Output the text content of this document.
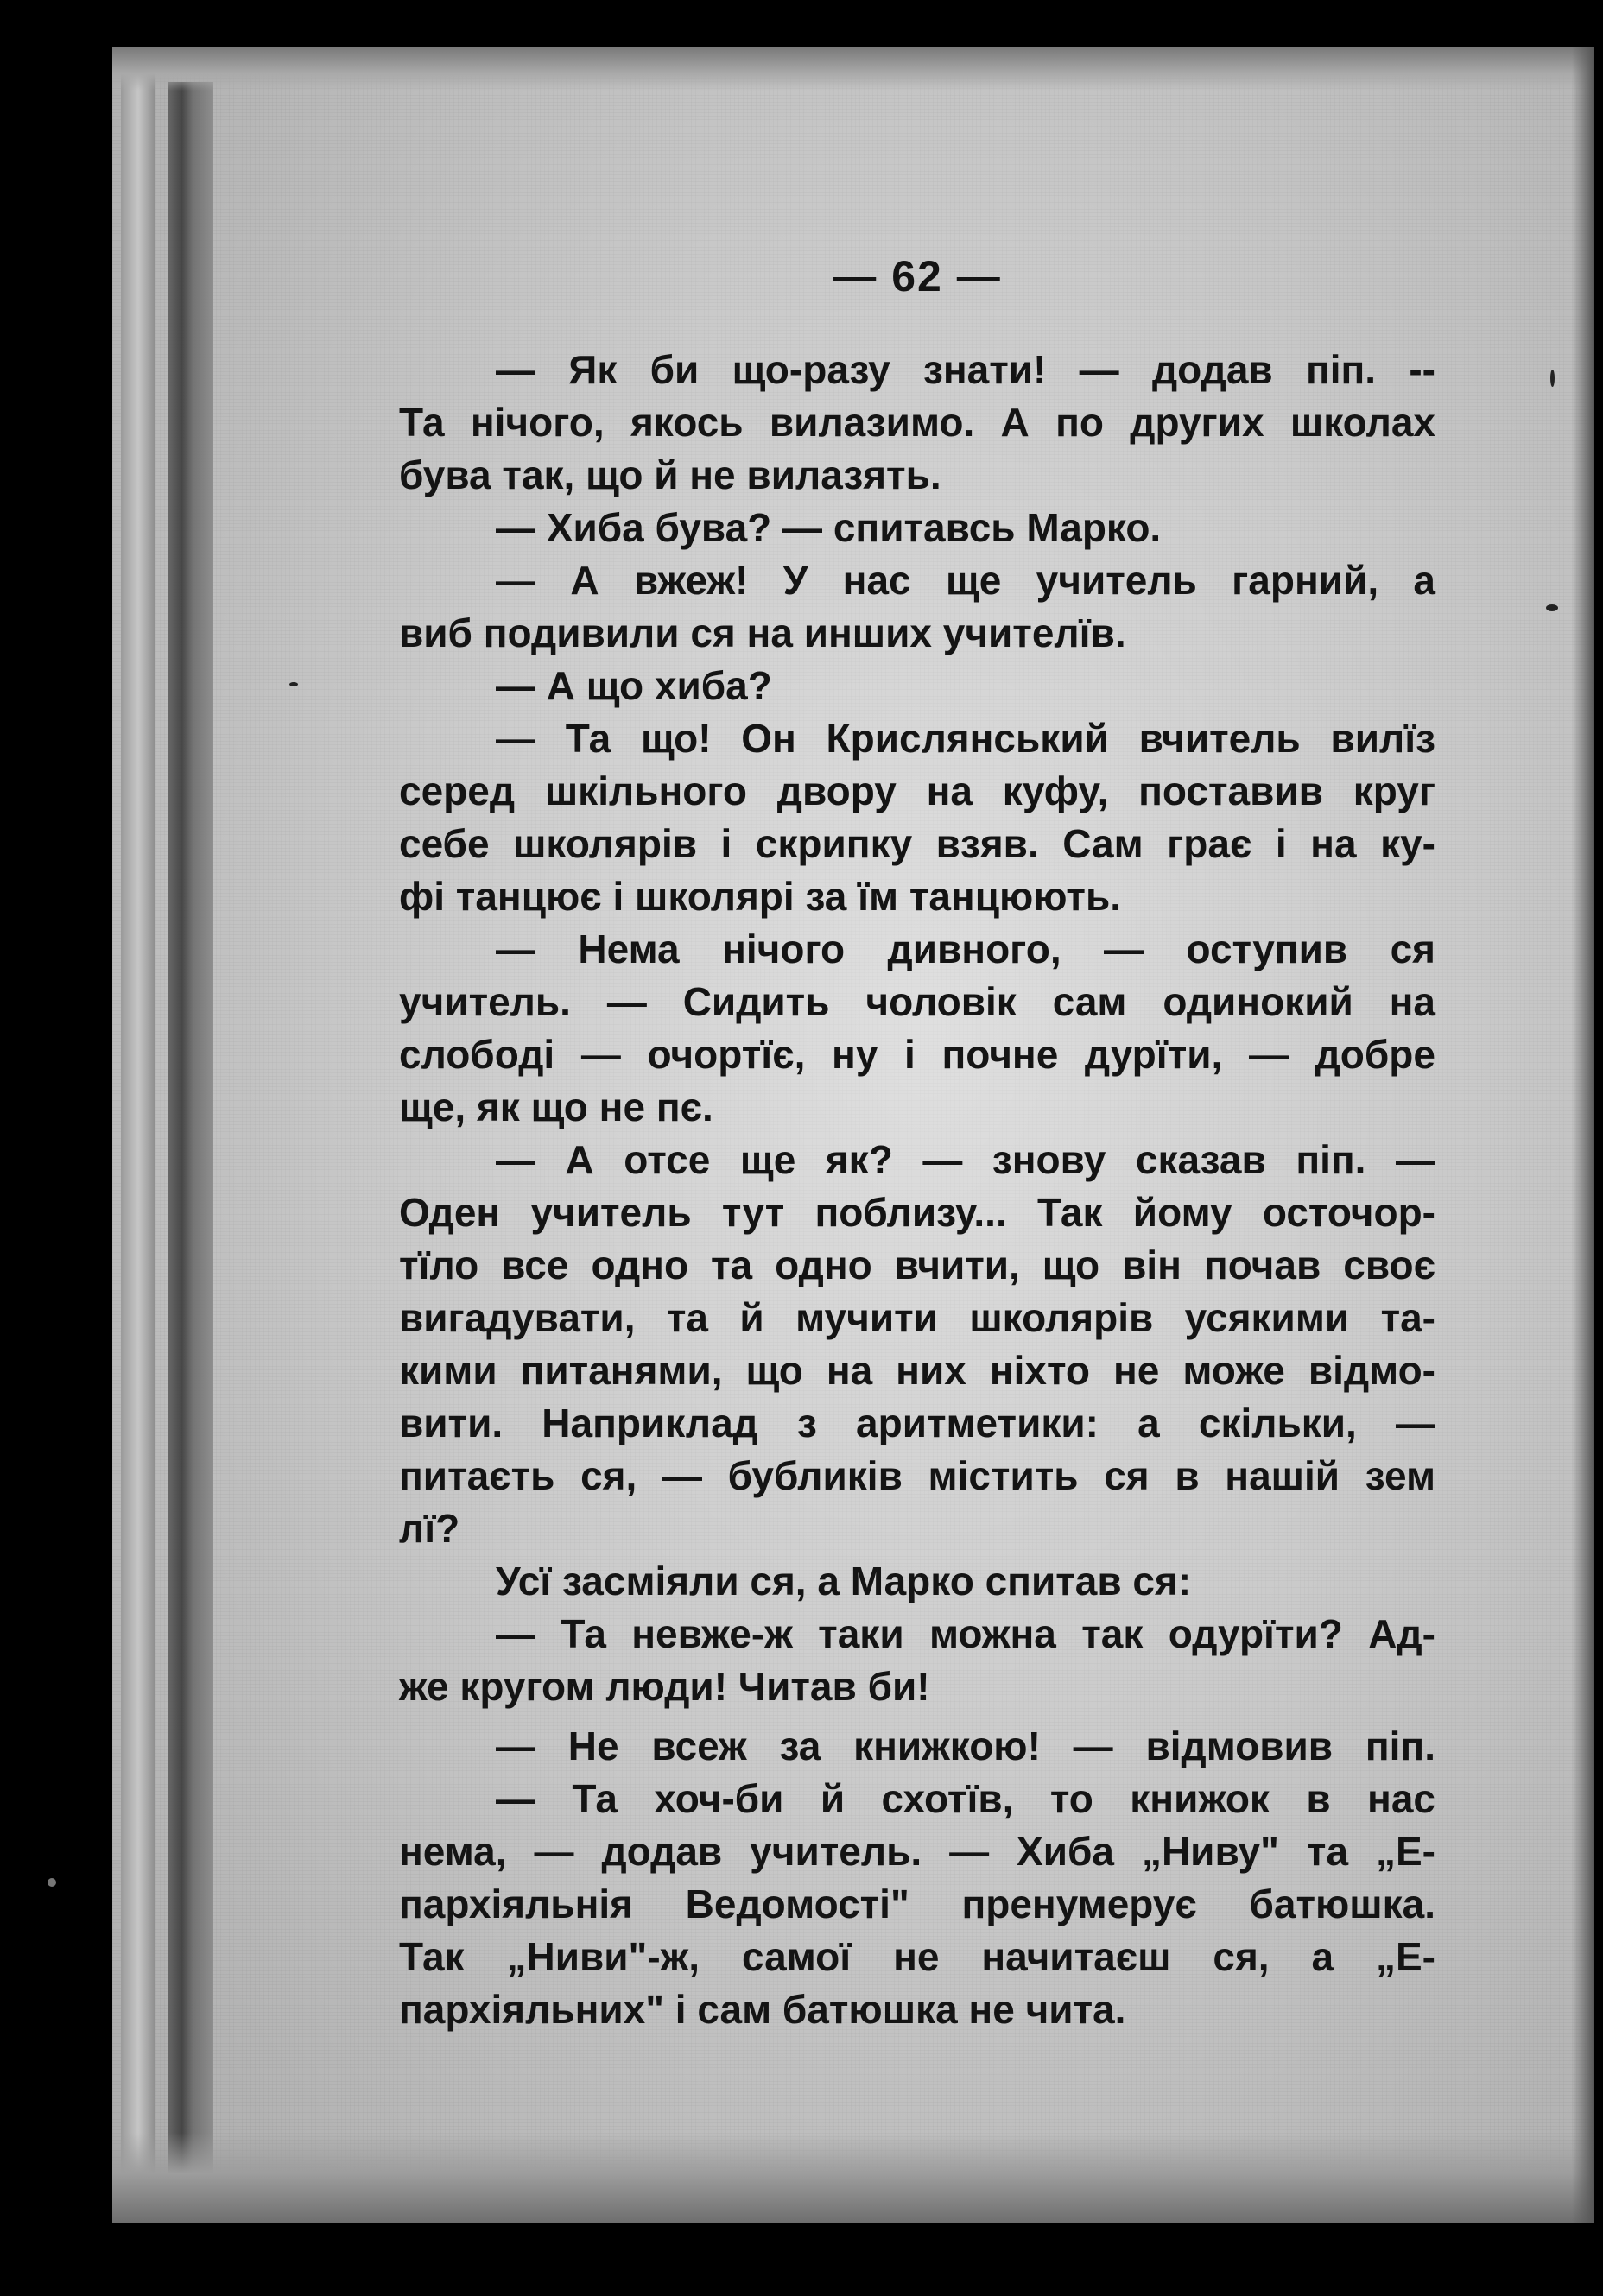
— 62 —
— Як би що-разу знати! — додав піп. --
Та нічого, якось вилазимо. А по других школах
бува так, що й не вилазять.
— Хиба бува? — спитавсь Марко.
— А вжеж! У нас ще учитель гарний, а
виб подивили ся на инших учителїв.
— А що хиба?
— Та що! Он Крислянський вчитель вилїз
серед шкільного двору на куфу, поставив круг
себе школярів і скрипку взяв. Сам грає і на ку-
фі танцює і школярі за їм танцюють.
— Нема нічого дивного, — оступив ся
учитель. — Сидить чоловік сам одинокий на
слободі — очортїє, ну і почне дурїти, — добре
ще, як що не пє.
— А отсе ще як? — знову сказав піп. —
Оден учитель тут поблизу... Так йому осточор-
тїло все одно та одно вчити, що він почав своє
вигадувати, та й мучити школярів усякими та-
кими питанями, що на них ніхто не може відмо-
вити. Наприклад з аритметики: а скільки, —
питаєть ся, — бубликів містить ся в нашій зем
лї?
Усї засміяли ся, а Марко спитав ся:
— Та невже-ж таки можна так одурїти? Ад-
же кругом люди! Читав би!
— Не всеж за книжкою! — відмовив піп.
— Та хоч-би й схотїв, то книжок в нас
нема, — додав учитель. — Хиба „Ниву" та „Е-
пархіяльнія Ведомості" пренумерує батюшка.
Так „Ниви"-ж, самої не начитаєш ся, а „Е-
пархіяльних" і сам батюшка не чита.
